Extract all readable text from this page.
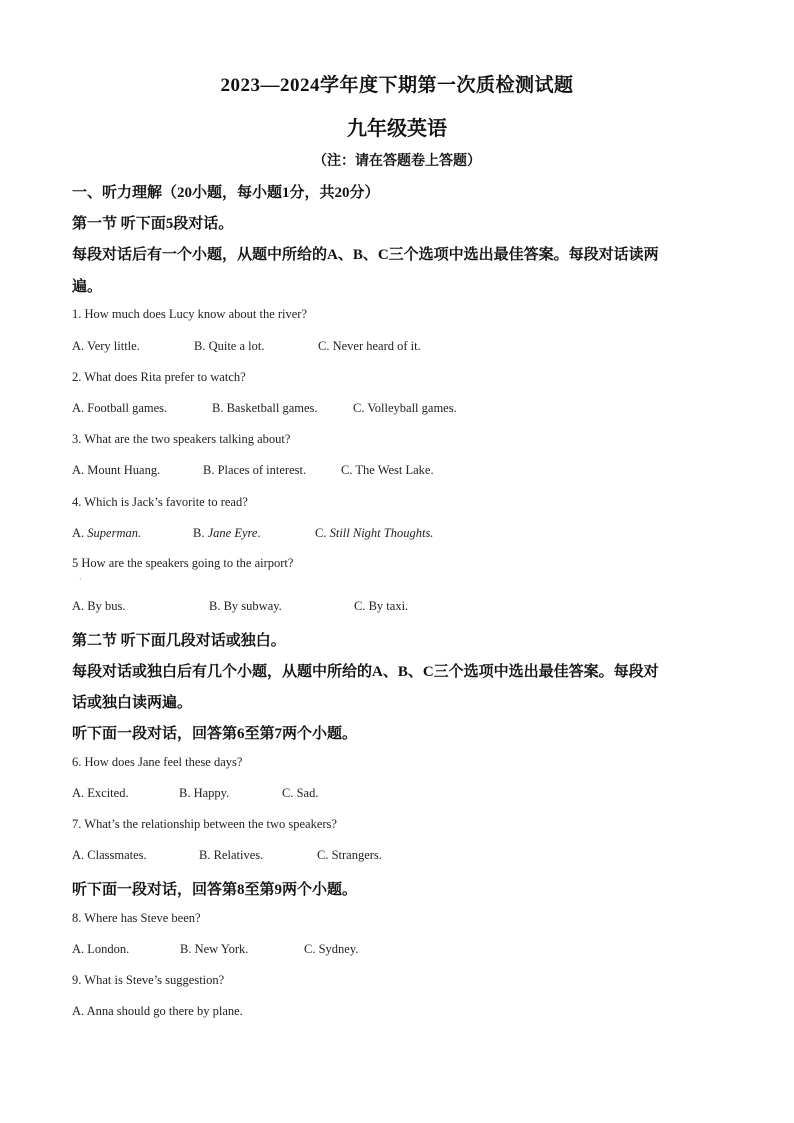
2023—2024学年度下期第一次质检测试题
九年级英语
（注：请在答题卷上答题）
一、听力理解（20小题，每小题1分，共20分）
第一节 听下面5段对话。
每段对话后有一个小题，从题中所给的A、B、C三个选项中选出最佳答案。每段对话读两
遍。
1. How much does Lucy know about the river?
A. Very little.	B. Quite a lot.	C. Never heard of it.
2. What does Rita prefer to watch?
A. Football games.	B. Basketball games.	C. Volleyball games.
3. What are the two speakers talking about?
A. Mount Huang.	B. Places of interest.	C. The West Lake.
4. Which is Jack’s favorite to read?
A. Superman.	B. Jane Eyre.	C. Still Night Thoughts.
5 How are the speakers going to the airport?
·
A. By bus.	B. By subway.	C. By taxi.
第二节 听下面几段对话或独白。
每段对话或独白后有几个小题，从题中所给的A、B、C三个选项中选出最佳答案。每段对
话或独白读两遍。
听下面一段对话，回答第6至第7两个小题。
6. How does Jane feel these days?
A. Excited.	B. Happy.	C. Sad.
7. What’s the relationship between the two speakers?
A. Classmates.	B. Relatives.	C. Strangers.
听下面一段对话，回答第8至第9两个小题。
8. Where has Steve been?
A. London.	B. New York.	C. Sydney.
9. What is Steve’s suggestion?
A. Anna should go there by plane.
